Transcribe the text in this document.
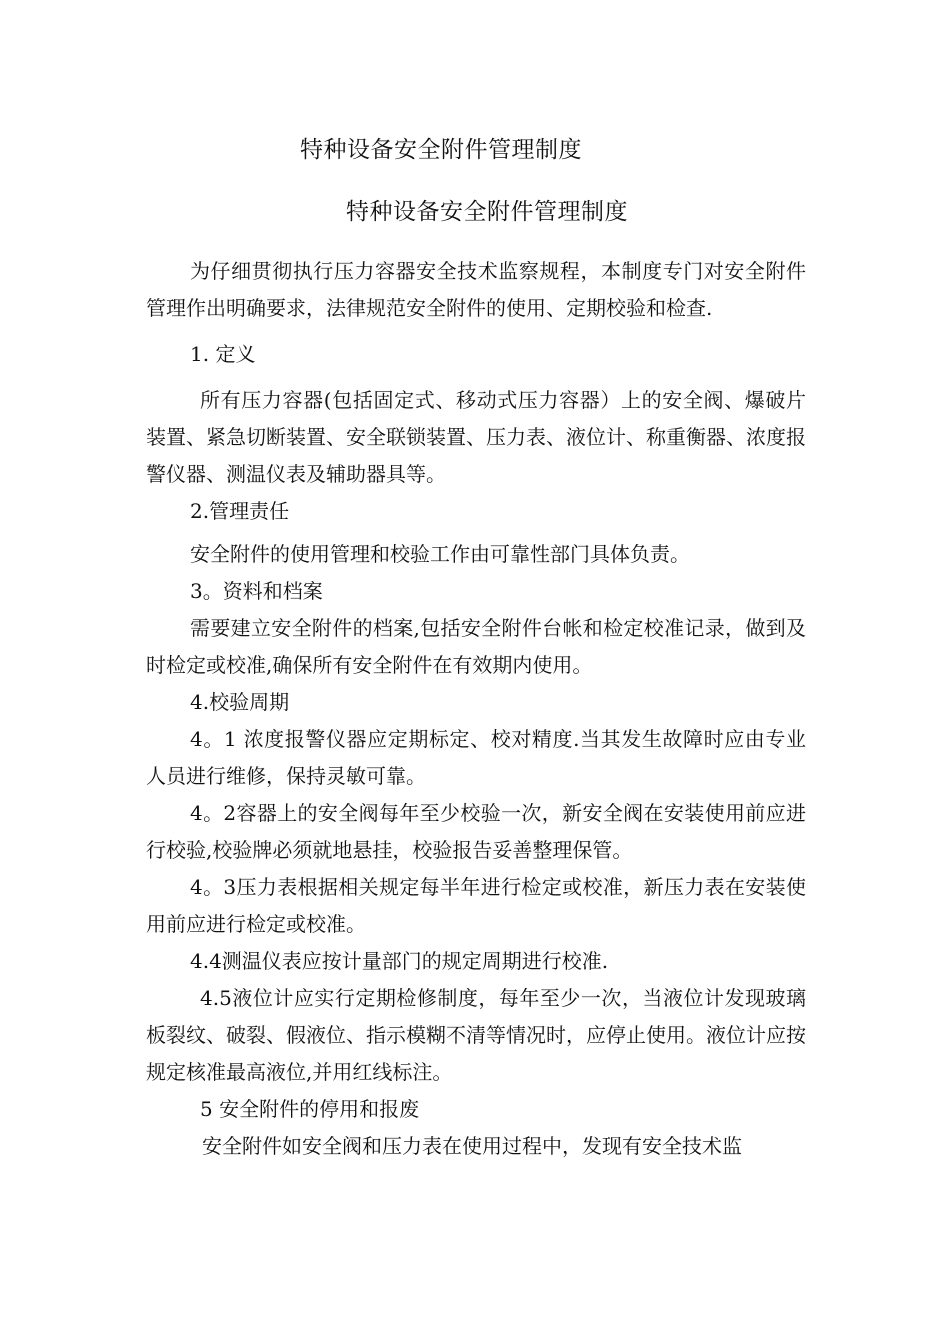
特种设备安全附件管理制度
特种设备安全附件管理制度

为仔细贯彻执行压力容器安全技术监察规程，本制度专门对安全附件管理作出明确要求，法律规范安全附件的使用、定期校验和检查.

1. 定义

所有压力容器(包括固定式、移动式压力容器）上的安全阀、爆破片装置、紧急切断装置、安全联锁装置、压力表、液位计、称重衡器、浓度报警仪器、测温仪表及辅助器具等。

2.管理责任

安全附件的使用管理和校验工作由可靠性部门具体负责。

3。资料和档案

需要建立安全附件的档案,包括安全附件台帐和检定校准记录，做到及时检定或校准,确保所有安全附件在有效期内使用。

4.校验周期

4。1 浓度报警仪器应定期标定、校对精度.当其发生故障时应由专业人员进行维修，保持灵敏可靠。

4。2容器上的安全阀每年至少校验一次，新安全阀在安装使用前应进行校验,校验牌必须就地悬挂，校验报告妥善整理保管。

4。3压力表根据相关规定每半年进行检定或校准，新压力表在安装使用前应进行检定或校准。

4.4测温仪表应按计量部门的规定周期进行校准.

4.5液位计应实行定期检修制度，每年至少一次，当液位计发现玻璃板裂纹、破裂、假液位、指示模糊不清等情况时，应停止使用。液位计应按规定核准最高液位,并用红线标注。

5 安全附件的停用和报废

安全附件如安全阀和压力表在使用过程中，发现有安全技术监
